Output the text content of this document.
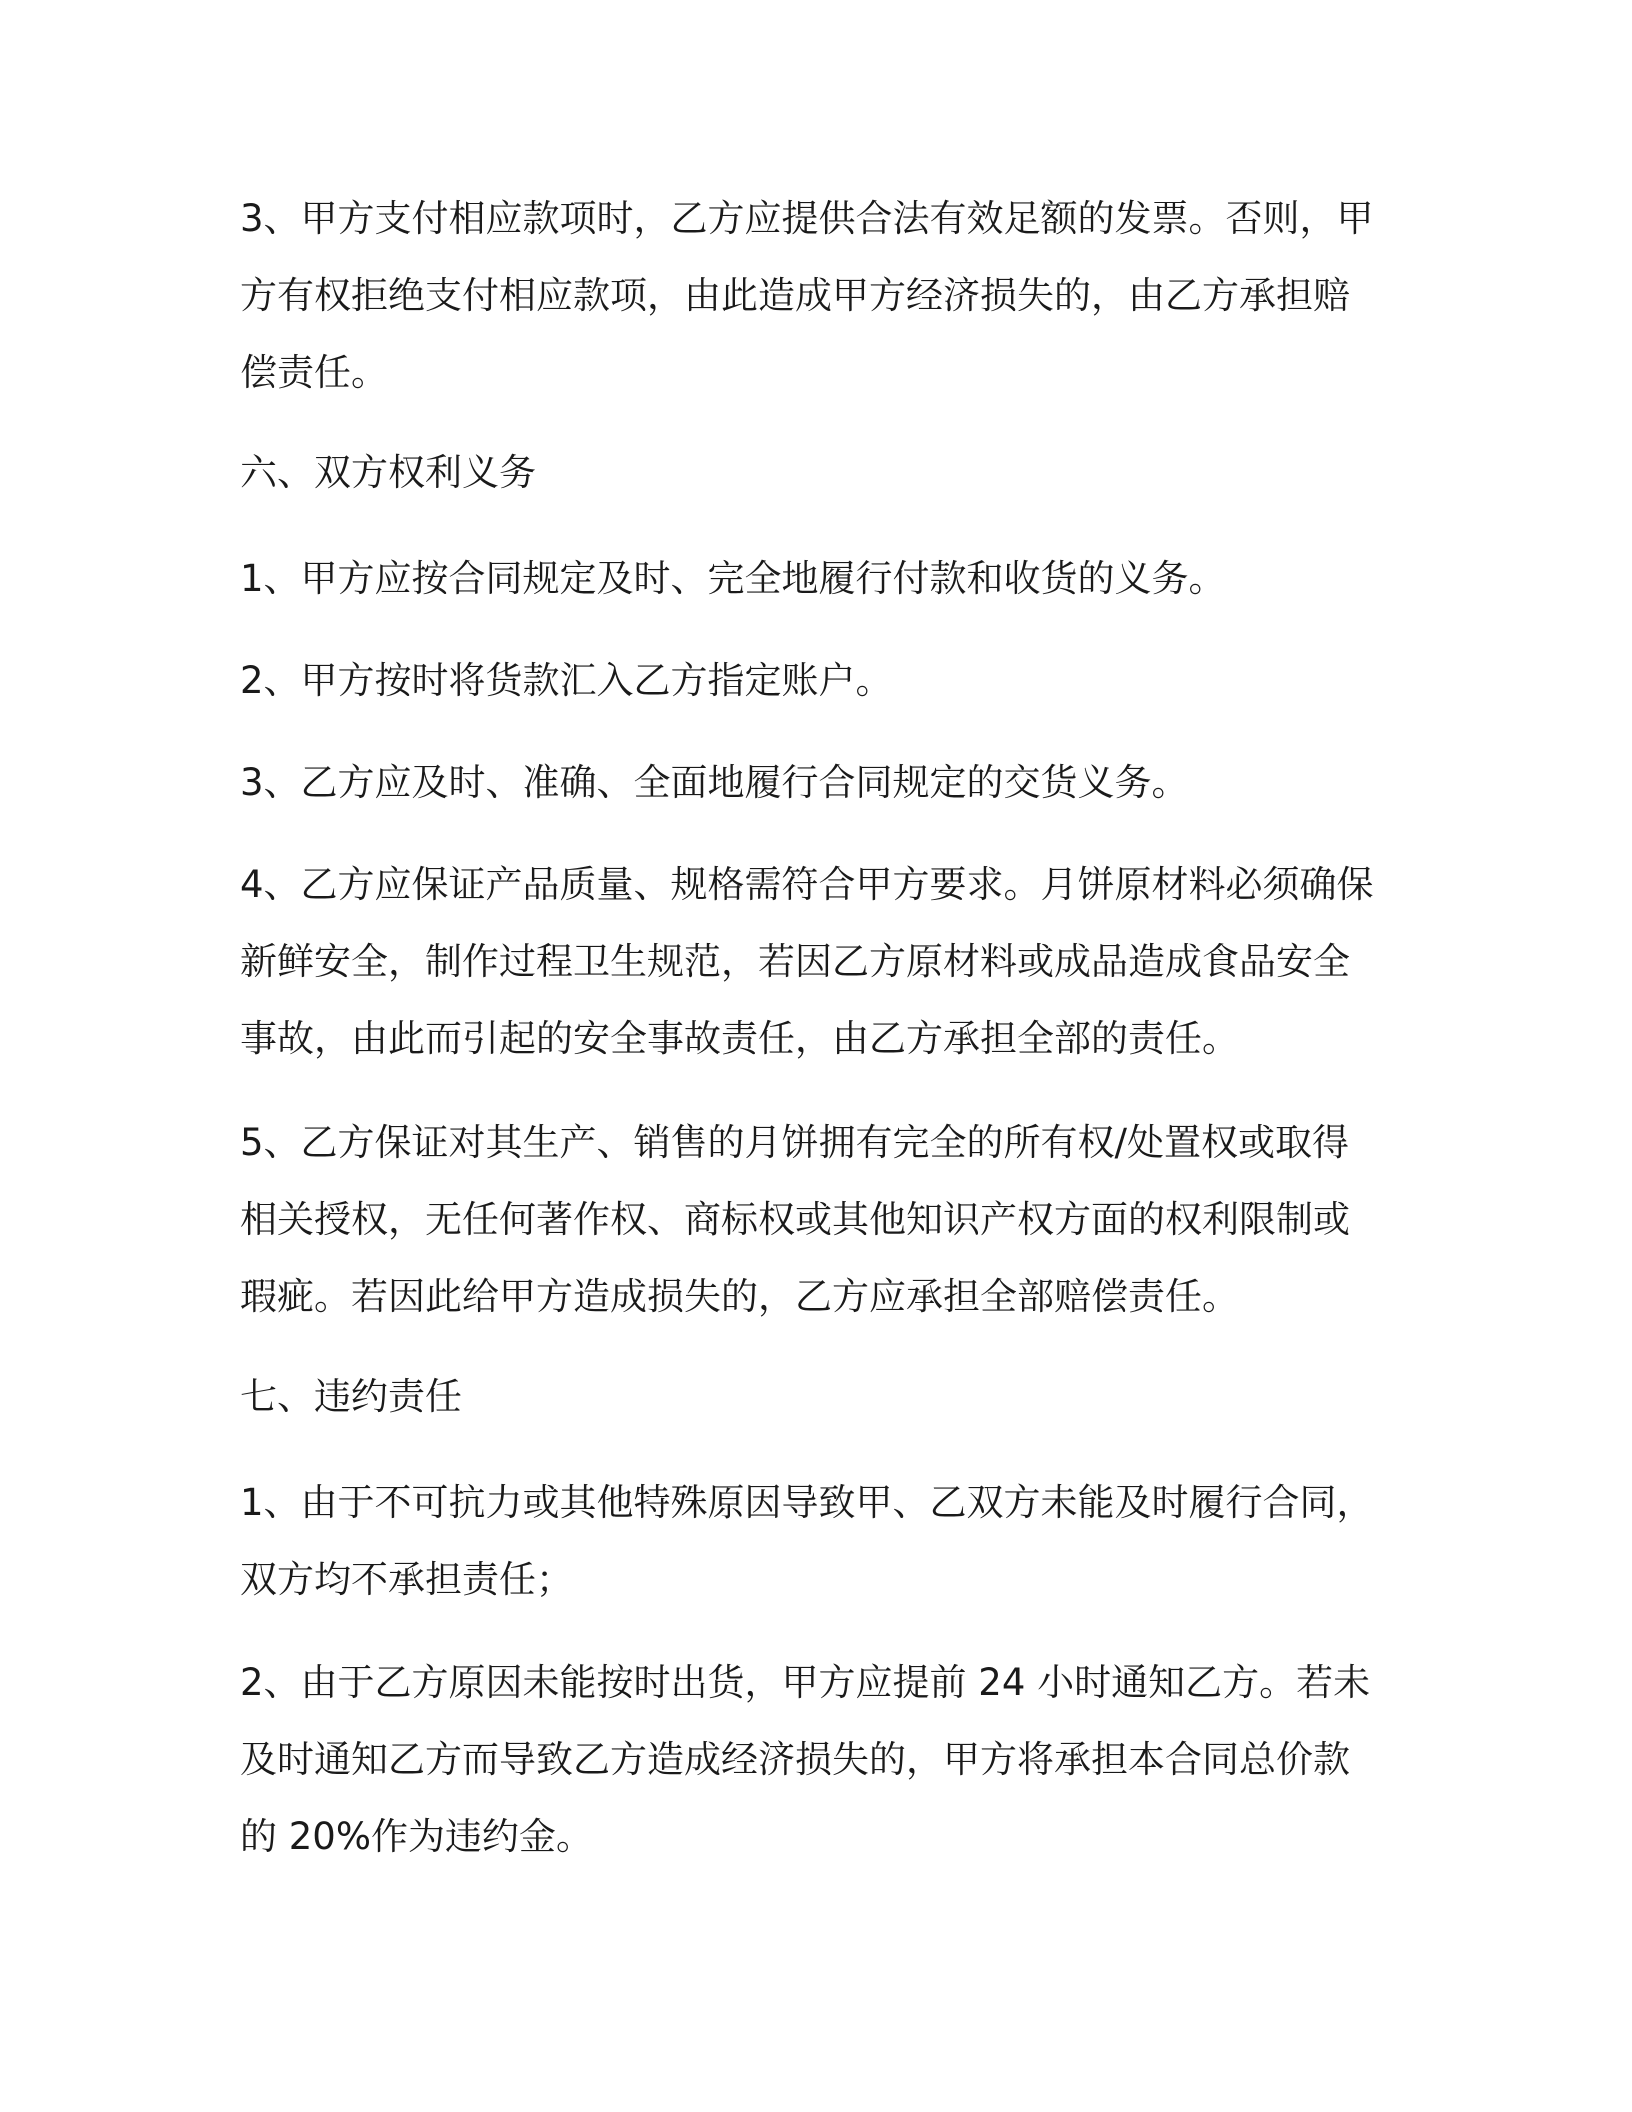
3、甲方支付相应款项时，乙方应提供合法有效足额的发票。否则，甲
方有权拒绝支付相应款项，由此造成甲方经济损失的，由乙方承担赔
偿责任。

六、双方权利义务

1、甲方应按合同规定及时、完全地履行付款和收货的义务。

2、甲方按时将货款汇入乙方指定账户。

3、乙方应及时、准确、全面地履行合同规定的交货义务。

4、乙方应保证产品质量、规格需符合甲方要求。月饼原材料必须确保
新鲜安全，制作过程卫生规范，若因乙方原材料或成品造成食品安全
事故，由此而引起的安全事故责任，由乙方承担全部的责任。

5、乙方保证对其生产、销售的月饼拥有完全的所有权/处置权或取得
相关授权，无任何著作权、商标权或其他知识产权方面的权利限制或
瑕疵。若因此给甲方造成损失的，乙方应承担全部赔偿责任。

七、违约责任

1、由于不可抗力或其他特殊原因导致甲、乙双方未能及时履行合同，
双方均不承担责任；

2、由于乙方原因未能按时出货，甲方应提前 24 小时通知乙方。若未
及时通知乙方而导致乙方造成经济损失的，甲方将承担本合同总价款
的 20%作为违约金。
